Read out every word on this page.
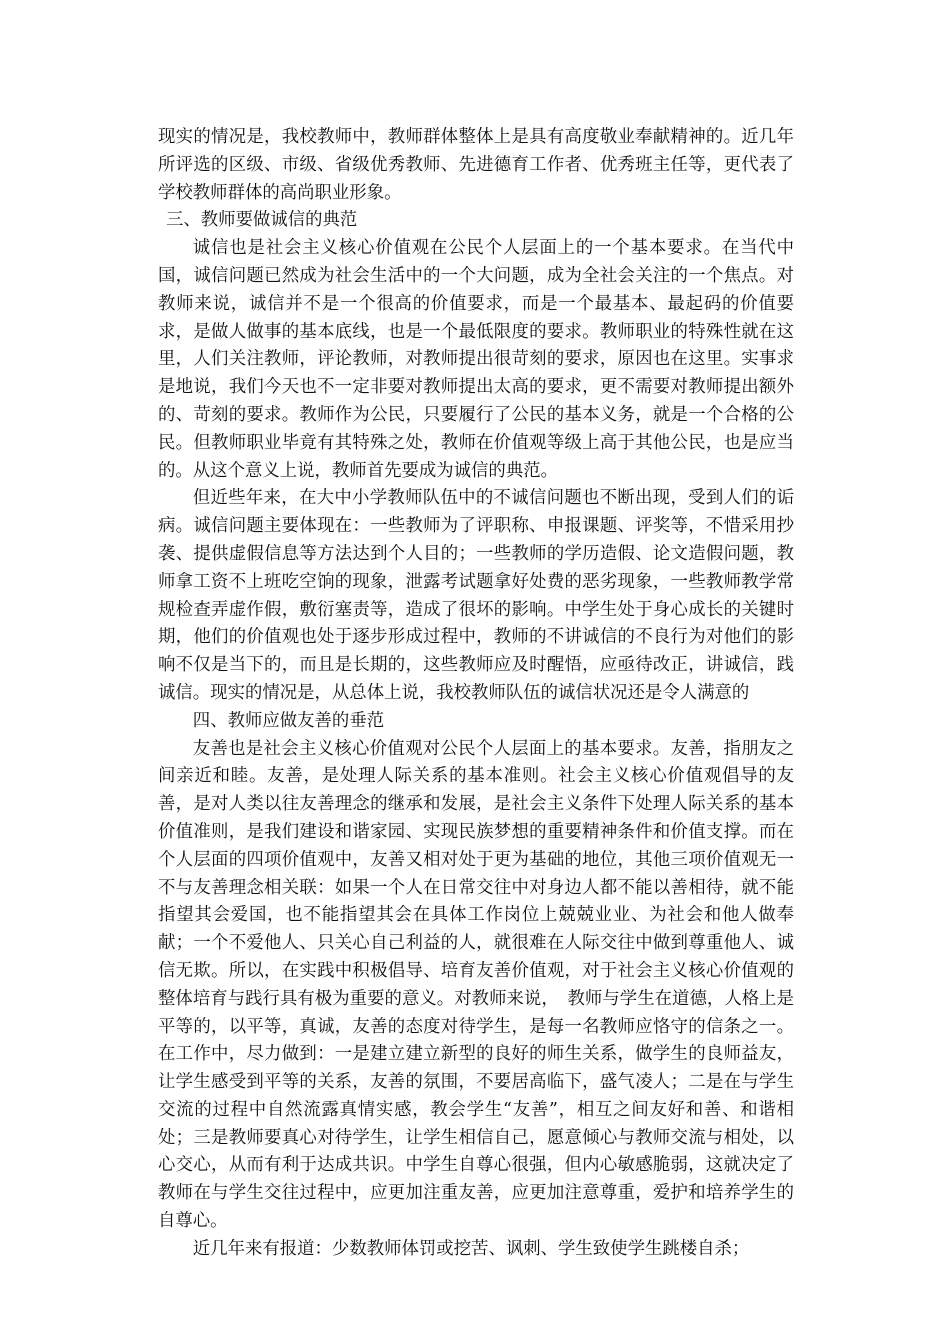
现实的情况是，我校教师中，教师群体整体上是具有高度敬业奉献精神的。近几年所评选的区级、市级、省级优秀教师、先进德育工作者、优秀班主任等，更代表了学校教师群体的高尚职业形象。

三、教师要做诚信的典范

诚信也是社会主义核心价值观在公民个人层面上的一个基本要求。在当代中国，诚信问题已然成为社会生活中的一个大问题，成为全社会关注的一个焦点。对教师来说，诚信并不是一个很高的价值要求，而是一个最基本、最起码的价值要求，是做人做事的基本底线，也是一个最低限度的要求。教师职业的特殊性就在这里，人们关注教师，评论教师，对教师提出很苛刻的要求，原因也在这里。实事求是地说，我们今天也不一定非要对教师提出太高的要求，更不需要对教师提出额外的、苛刻的要求。教师作为公民，只要履行了公民的基本义务，就是一个合格的公民。但教师职业毕竟有其特殊之处，教师在价值观等级上高于其他公民，也是应当的。从这个意义上说，教师首先要成为诚信的典范。

但近些年来，在大中小学教师队伍中的不诚信问题也不断出现，受到人们的诟病。诚信问题主要体现在：一些教师为了评职称、申报课题、评奖等，不惜采用抄袭、提供虚假信息等方法达到个人目的；一些教师的学历造假、论文造假问题，教师拿工资不上班吃空饷的现象，泄露考试题拿好处费的恶劣现象，一些教师教学常规检查弄虚作假，敷衍塞责等，造成了很坏的影响。中学生处于身心成长的关键时期，他们的价值观也处于逐步形成过程中，教师的不讲诚信的不良行为对他们的影响不仅是当下的，而且是长期的，这些教师应及时醒悟，应亟待改正，讲诚信，践诚信。现实的情况是，从总体上说，我校教师队伍的诚信状况还是令人满意的

四、教师应做友善的垂范

友善也是社会主义核心价值观对公民个人层面上的基本要求。友善，指朋友之间亲近和睦。友善，是处理人际关系的基本准则。社会主义核心价值观倡导的友善，是对人类以往友善理念的继承和发展，是社会主义条件下处理人际关系的基本价值准则，是我们建设和谐家园、实现民族梦想的重要精神条件和价值支撑。而在个人层面的四项价值观中，友善又相对处于更为基础的地位，其他三项价值观无一不与友善理念相关联：如果一个人在日常交往中对身边人都不能以善相待，就不能指望其会爱国，也不能指望其会在具体工作岗位上兢兢业业、为社会和他人做奉献；一个不爱他人、只关心自己利益的人，就很难在人际交往中做到尊重他人、诚信无欺。所以，在实践中积极倡导、培育友善价值观，对于社会主义核心价值观的整体培育与践行具有极为重要的意义。对教师来说，　教师与学生在道德，人格上是平等的，以平等，真诚，友善的态度对待学生，是每一名教师应恪守的信条之一。在工作中，尽力做到：一是建立建立新型的良好的师生关系，做学生的良师益友，让学生感受到平等的关系，友善的氛围，不要居高临下，盛气凌人；二是在与学生交流的过程中自然流露真情实感，教会学生“友善”，相互之间友好和善、和谐相处；三是教师要真心对待学生，让学生相信自己，愿意倾心与教师交流与相处，以心交心，从而有利于达成共识。中学生自尊心很强，但内心敏感脆弱，这就决定了教师在与学生交往过程中，应更加注重友善，应更加注意尊重，爱护和培养学生的自尊心。

近几年来有报道：少数教师体罚或挖苦、讽刺、学生致使学生跳楼自杀；
